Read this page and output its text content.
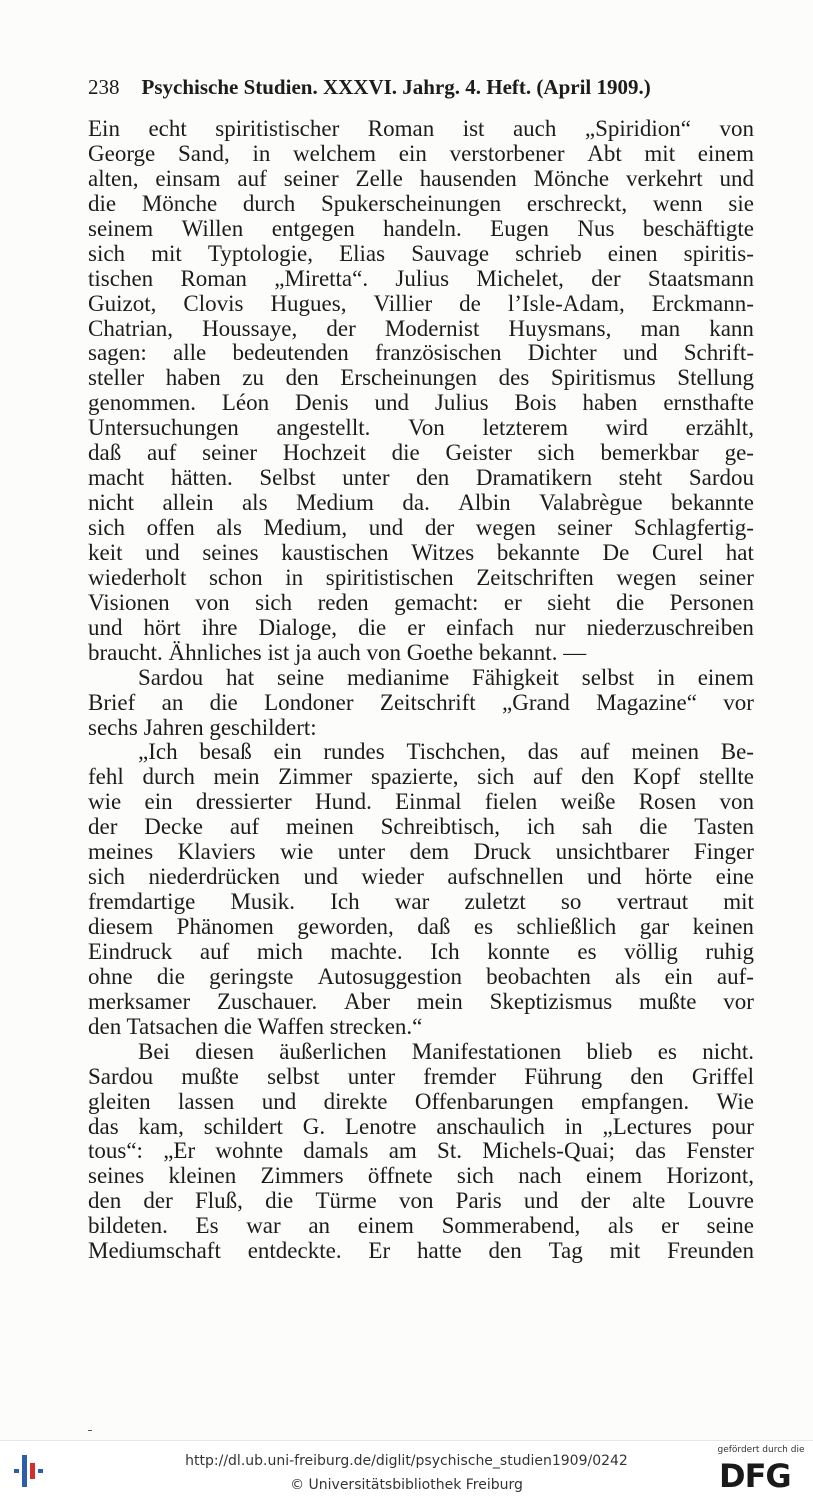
238 Psychische Studien. XXXVI. Jahrg. 4. Heft. (April 1909.)
Ein echt spiritistischer Roman ist auch „Spiridion“ von
George Sand, in welchem ein verstorbener Abt mit einem
alten, einsam auf seiner Zelle hausenden Mönche verkehrt und
die Mönche durch Spukerscheinungen erschreckt, wenn sie
seinem Willen entgegen handeln. Eugen Nus beschäftigte
sich mit Typtologie, Elias Sauvage schrieb einen spiritis-
tischen Roman „Miretta“. Julius Michelet, der Staatsmann
Guizot, Clovis Hugues, Villier de l’Isle-Adam, Erckmann-
Chatrian, Houssaye, der Modernist Huysmans, man kann
sagen: alle bedeutenden französischen Dichter und Schrift-
steller haben zu den Erscheinungen des Spiritismus Stellung
genommen. Léon Denis und Julius Bois haben ernsthafte
Untersuchungen angestellt. Von letzterem wird erzählt,
daß auf seiner Hochzeit die Geister sich bemerkbar ge-
macht hätten. Selbst unter den Dramatikern steht Sardou
nicht allein als Medium da. Albin Valabrègue bekannte
sich offen als Medium, und der wegen seiner Schlagfertig-
keit und seines kaustischen Witzes bekannte De Curel hat
wiederholt schon in spiritistischen Zeitschriften wegen seiner
Visionen von sich reden gemacht: er sieht die Personen
und hört ihre Dialoge, die er einfach nur niederzuschreiben
braucht. Ähnliches ist ja auch von Goethe bekannt. —
Sardou hat seine medianime Fähigkeit selbst in einem
Brief an die Londoner Zeitschrift „Grand Magazine“ vor
sechs Jahren geschildert:
„Ich besaß ein rundes Tischchen, das auf meinen Be-
fehl durch mein Zimmer spazierte, sich auf den Kopf stellte
wie ein dressierter Hund. Einmal fielen weiße Rosen von
der Decke auf meinen Schreibtisch, ich sah die Tasten
meines Klaviers wie unter dem Druck unsichtbarer Finger
sich niederdrücken und wieder aufschnellen und hörte eine
fremdartige Musik. Ich war zuletzt so vertraut mit
diesem Phänomen geworden, daß es schließlich gar keinen
Eindruck auf mich machte. Ich konnte es völlig ruhig
ohne die geringste Autosuggestion beobachten als ein auf-
merksamer Zuschauer. Aber mein Skeptizismus mußte vor
den Tatsachen die Waffen strecken.“
Bei diesen äußerlichen Manifestationen blieb es nicht.
Sardou mußte selbst unter fremder Führung den Griffel
gleiten lassen und direkte Offenbarungen empfangen. Wie
das kam, schildert G. Lenotre anschaulich in „Lectures pour
tous“: „Er wohnte damals am St. Michels-Quai; das Fenster
seines kleinen Zimmers öffnete sich nach einem Horizont,
den der Fluß, die Türme von Paris und der alte Louvre
bildeten. Es war an einem Sommerabend, als er seine
Mediumschaft entdeckte. Er hatte den Tag mit Freunden
http://dl.ub.uni-freiburg.de/diglit/psychische_studien1909/0242
© Universitätsbibliothek Freiburg
gefördert durch die
DFG
